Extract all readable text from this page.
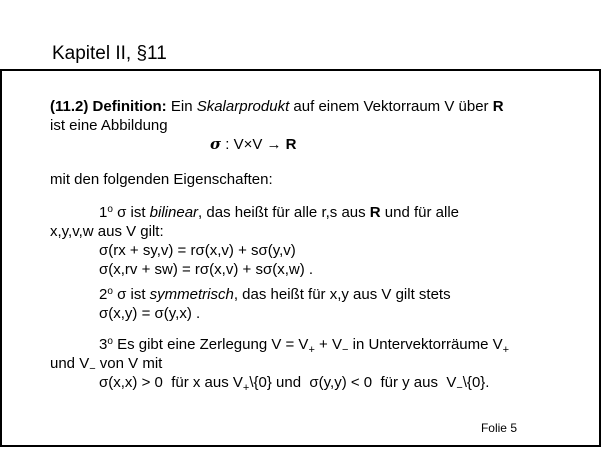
Kapitel II, §11
(11.2) Definition: Ein Skalarprodukt auf einem Vektorraum V über R
ist eine Abbildung
σ : V×V → R
mit den folgenden Eigenschaften:
1$^o$ σ ist bilinear, das heißt für alle r,s aus R und für alle
x,y,v,w aus V gilt:
σ(rx + sy,v) = rσ(x,v) + sσ(y,v)
σ(x,rv + sw) = rσ(x,v) + sσ(x,w) .
2$^o$ σ ist symmetrisch, das heißt für x,y aus V gilt stets
σ(x,y) = σ(y,x) .
3$^o$ Es gibt eine Zerlegung $V = V_+ + V_-$ in Untervektorräume $V_+$
und $V_-$ von V mit
σ(x,x) > 0  für x aus $V_+\backslash\{0\}$ und  σ(y,y) < 0  für y aus  $V_-\backslash\{0\}$.
Folie 5
